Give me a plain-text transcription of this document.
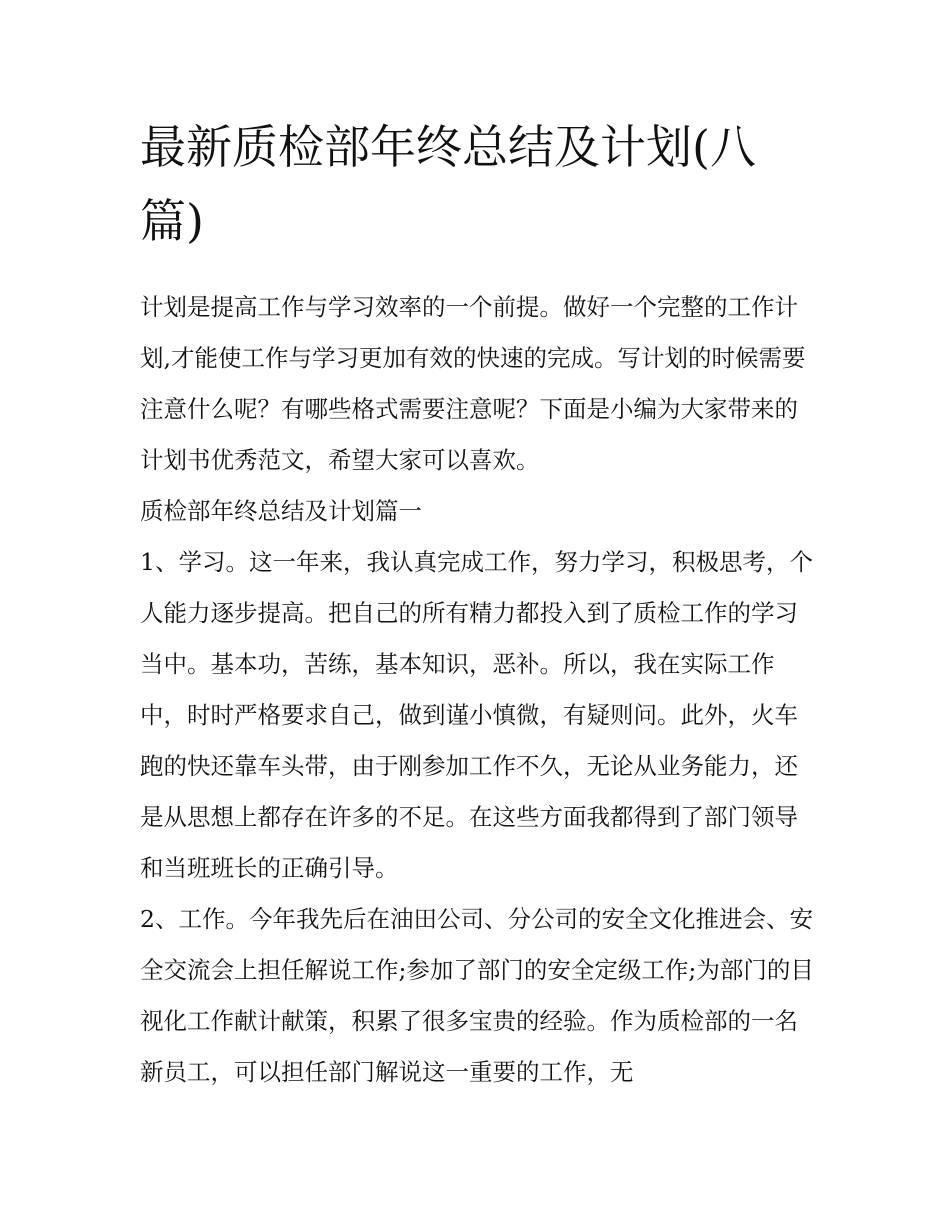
最新质检部年终总结及计划(八篇)

计划是提高工作与学习效率的一个前提。做好一个完整的工作计划,才能使工作与学习更加有效的快速的完成。写计划的时候需要注意什么呢？有哪些格式需要注意呢？下面是小编为大家带来的计划书优秀范文，希望大家可以喜欢。

质检部年终总结及计划篇一

1、学习。这一年来，我认真完成工作，努力学习，积极思考，个人能力逐步提高。把自己的所有精力都投入到了质检工作的学习当中。基本功，苦练，基本知识，恶补。所以，我在实际工作中，时时严格要求自己，做到谨小慎微，有疑则问。此外，火车跑的快还靠车头带，由于刚参加工作不久，无论从业务能力，还是从思想上都存在许多的不足。在这些方面我都得到了部门领导和当班班长的正确引导。

2、工作。今年我先后在油田公司、分公司的安全文化推进会、安全交流会上担任解说工作;参加了部门的安全定级工作;为部门的目视化工作献计献策，积累了很多宝贵的经验。作为质检部的一名新员工，可以担任部门解说这一重要的工作，无
